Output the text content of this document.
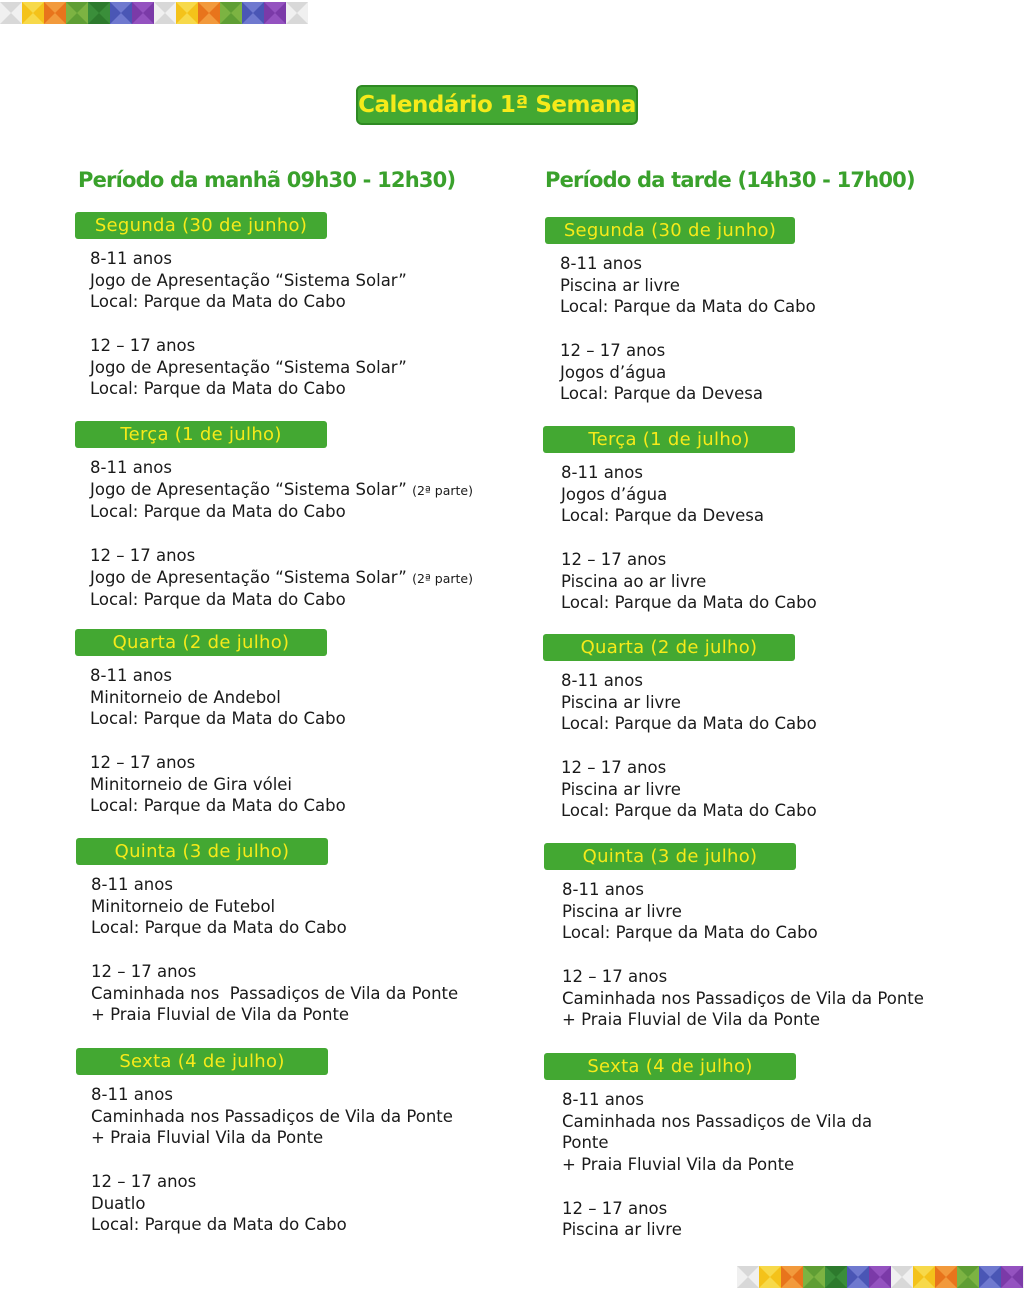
Calendário 1ª Semana
Período da manhã 09h30 - 12h30)	Período da tarde (14h30 - 17h00)
Segunda (30 de junho)
8-11 anos
Jogo de Apresentação “Sistema Solar”
Local: Parque da Mata do Cabo
12 – 17 anos
Jogo de Apresentação “Sistema Solar”
Local: Parque da Mata do Cabo
Terça (1 de julho)
8-11 anos
Jogo de Apresentação “Sistema Solar” (2ª parte)
Local: Parque da Mata do Cabo
12 – 17 anos
Jogo de Apresentação “Sistema Solar” (2ª parte)
Local: Parque da Mata do Cabo
Quarta (2 de julho)
8-11 anos
Minitorneio de Andebol
Local: Parque da Mata do Cabo
12 – 17 anos
Minitorneio de Gira vólei
Local: Parque da Mata do Cabo
Quinta (3 de julho)
8-11 anos
Minitorneio de Futebol
Local: Parque da Mata do Cabo
12 – 17 anos
Caminhada nos  Passadiços de Vila da Ponte
+ Praia Fluvial de Vila da Ponte
Sexta (4 de julho)
8-11 anos
Caminhada nos Passadiços de Vila da Ponte
+ Praia Fluvial Vila da Ponte
12 – 17 anos
Duatlo
Local: Parque da Mata do Cabo
Segunda (30 de junho)
8-11 anos
Piscina ar livre
Local: Parque da Mata do Cabo
12 – 17 anos
Jogos d’água
Local: Parque da Devesa
Terça (1 de julho)
8-11 anos
Jogos d’água
Local: Parque da Devesa
12 – 17 anos
Piscina ao ar livre
Local: Parque da Mata do Cabo
Quarta (2 de julho)
8-11 anos
Piscina ar livre
Local: Parque da Mata do Cabo
12 – 17 anos
Piscina ar livre
Local: Parque da Mata do Cabo
Quinta (3 de julho)
8-11 anos
Piscina ar livre
Local: Parque da Mata do Cabo
12 – 17 anos
Caminhada nos Passadiços de Vila da Ponte
+ Praia Fluvial de Vila da Ponte
Sexta (4 de julho)
8-11 anos
Caminhada nos Passadiços de Vila da
Ponte
+ Praia Fluvial Vila da Ponte
12 – 17 anos
Piscina ar livre
